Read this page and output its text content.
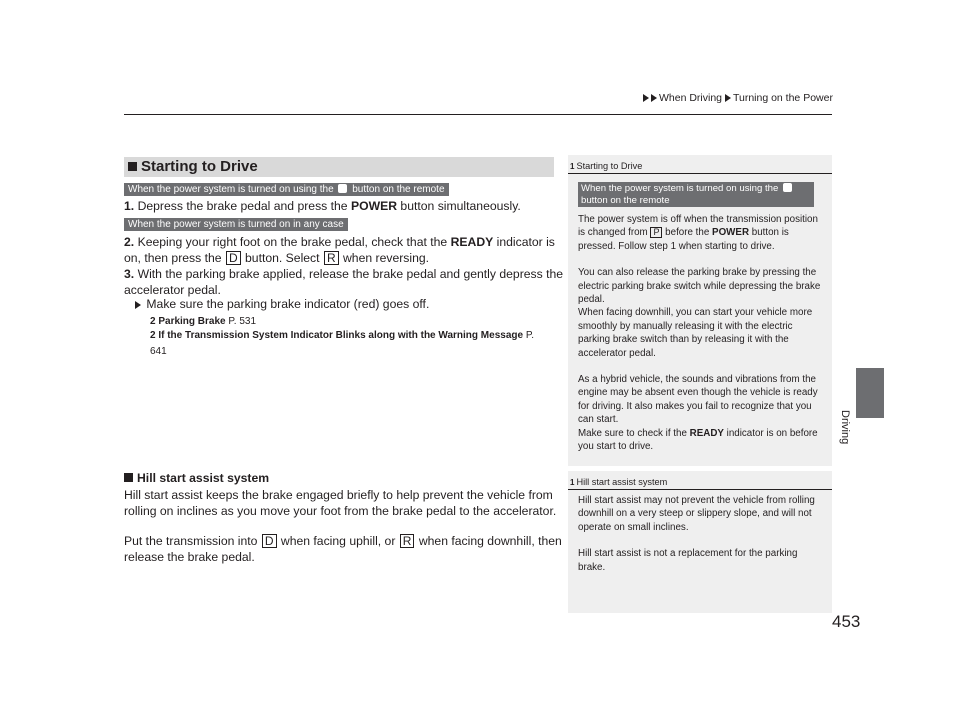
When Driving Turning on the Power
Driving
453
Starting to Drive
When the power system is turned on using the button on the remote
1. Depress the brake pedal and press the POWER button simultaneously.
When the power system is turned on in any case
2. Keeping your right foot on the brake pedal, check that the READY indicator is on, then press the D button. Select R when reversing.
3. With the parking brake applied, release the brake pedal and gently depress the accelerator pedal.
Make sure the parking brake indicator (red) goes off.
2 Parking Brake P. 531
2 If the Transmission System Indicator Blinks along with the Warning Message P. 641
Hill start assist system
Hill start assist keeps the brake engaged briefly to help prevent the vehicle from rolling on inclines as you move your foot from the brake pedal to the accelerator.
Put the transmission into D when facing uphill, or R when facing downhill, then release the brake pedal.
1 Starting to Drive
When the power system is turned on using the  button on the remote
The power system is off when the transmission position is changed from P before the POWER button is pressed. Follow step 1 when starting to drive.
You can also release the parking brake by pressing the electric parking brake switch while depressing the brake pedal.
When facing downhill, you can start your vehicle more smoothly by manually releasing it with the electric parking brake switch than by releasing it with the accelerator pedal.
As a hybrid vehicle, the sounds and vibrations from the engine may be absent even though the vehicle is ready for driving. It also makes you fail to recognize that you can start.
Make sure to check if the READY indicator is on before you start to drive.
1 Hill start assist system
Hill start assist may not prevent the vehicle from rolling downhill on a very steep or slippery slope, and will not operate on small inclines.
Hill start assist is not a replacement for the parking brake.
